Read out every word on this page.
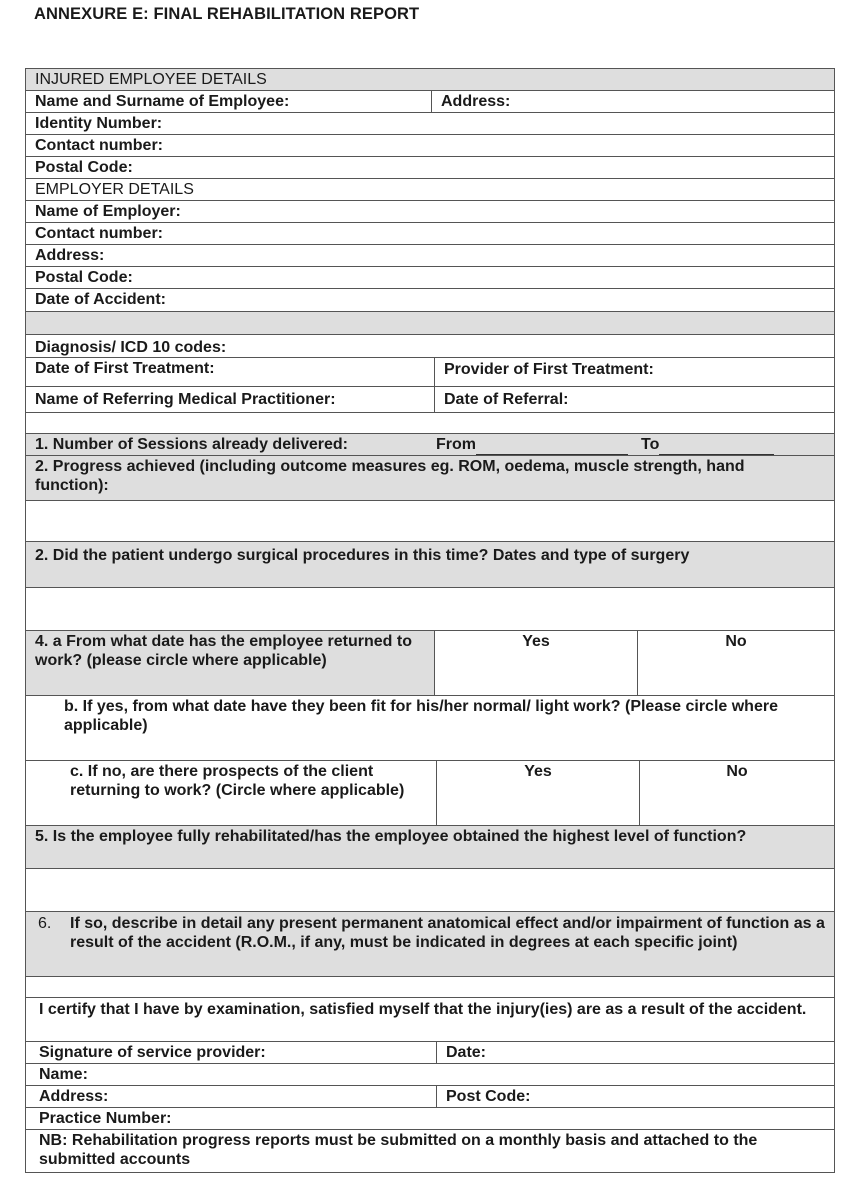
ANNEXURE E: FINAL REHABILITATION REPORT
INJURED EMPLOYEE DETAILS
Name and Surname of Employee:	Address:
Identity Number:
Contact number:
Postal Code:
EMPLOYER DETAILS
Name of Employer:
Contact number:
Address:
Postal Code:
Date of Accident:
Diagnosis/ ICD 10 codes:
Date of First Treatment:	Provider of First Treatment:
Name of Referring Medical Practitioner:	Date of Referral:
1. Number of Sessions already delivered:	From	To
2. Progress achieved (including outcome measures eg. ROM, oedema, muscle strength, hand function):
2. Did the patient undergo surgical procedures in this time? Dates and type of surgery
4. a From what date has the employee returned to work? (please circle where applicable)
Yes	No
b. If yes, from what date have they been fit for his/her normal/ light work? (Please circle where applicable)
c. If no, are there prospects of the client returning to work? (Circle where applicable)
Yes	No
5. Is the employee fully rehabilitated/has the employee obtained the highest level of function?
6.	If so, describe in detail any present permanent anatomical effect and/or impairment of function as a result of the accident (R.O.M., if any, must be indicated in degrees at each specific joint)
I certify that I have by examination, satisfied myself that the injury(ies) are as a result of the accident.
Signature of service provider:	Date:
Name:
Address:	Post Code:
Practice Number:
NB: Rehabilitation progress reports must be submitted on a monthly basis and attached to the submitted accounts
